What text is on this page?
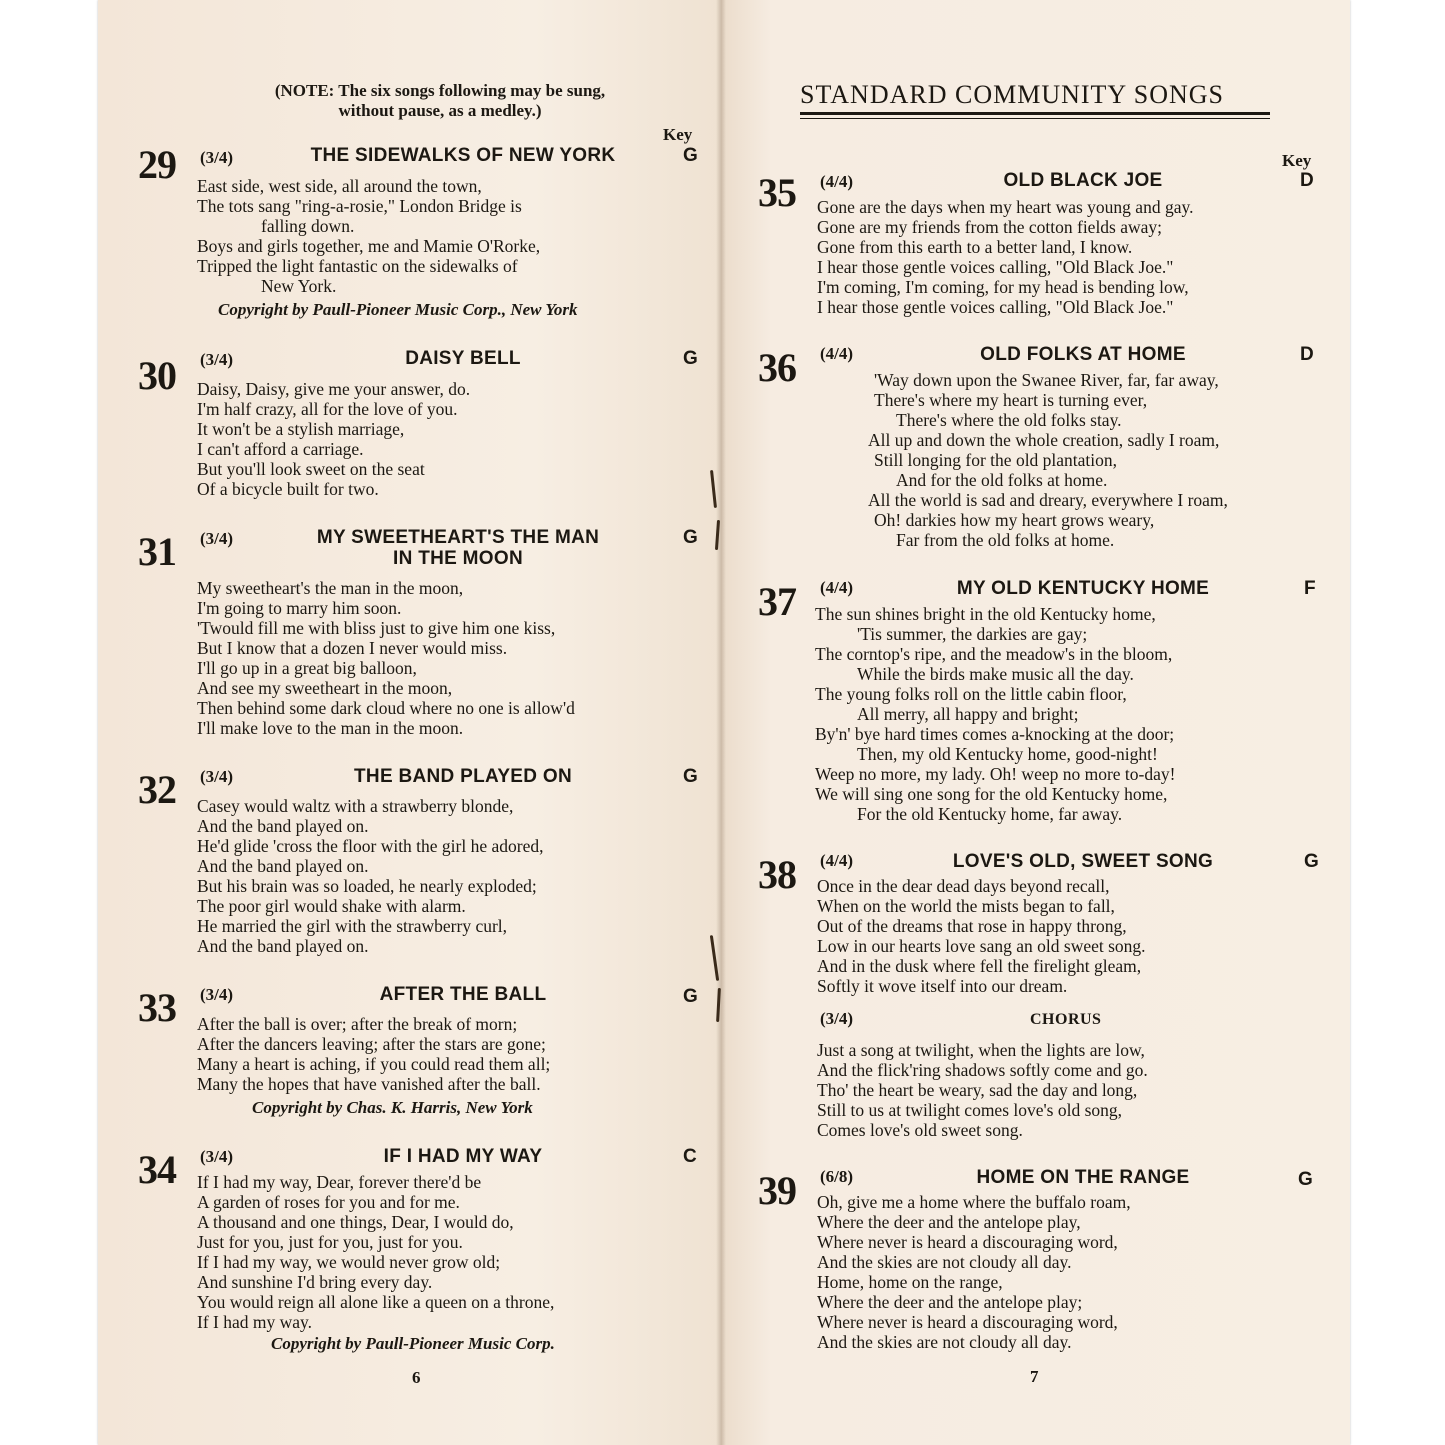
(NOTE: The six songs following may be sung,
without pause, as a medley.)
Key
29 (3/4)	THE SIDEWALKS OF NEW YORK	G
East side, west side, all around the town,
The tots sang "ring-a-rosie," London Bridge is
falling down.
Boys and girls together, me and Mamie O'Rorke,
Tripped the light fantastic on the sidewalks of
New York.
Copyright by Paull-Pioneer Music Corp., New York
30 (3/4)	DAISY BELL	G
Daisy, Daisy, give me your answer, do.
I'm half crazy, all for the love of you.
It won't be a stylish marriage,
I can't afford a carriage.
But you'll look sweet on the seat
Of a bicycle built for two.
31 (3/4)	MY SWEETHEART'S THE MAN
IN THE MOON
G
My sweetheart's the man in the moon,
I'm going to marry him soon.
'Twould fill me with bliss just to give him one kiss,
But I know that a dozen I never would miss.
I'll go up in a great big balloon,
And see my sweetheart in the moon,
Then behind some dark cloud where no one is allow'd
I'll make love to the man in the moon.
32 (3/4)	THE BAND PLAYED ON	G
Casey would waltz with a strawberry blonde,
And the band played on.
He'd glide 'cross the floor with the girl he adored,
And the band played on.
But his brain was so loaded, he nearly exploded;
The poor girl would shake with alarm.
He married the girl with the strawberry curl,
And the band played on.
33 (3/4)	AFTER THE BALL	G
After the ball is over; after the break of morn;
After the dancers leaving; after the stars are gone;
Many a heart is aching, if you could read them all;
Many the hopes that have vanished after the ball.
Copyright by Chas. K. Harris, New York
34 (3/4)	IF I HAD MY WAY	C
If I had my way, Dear, forever there'd be
A garden of roses for you and for me.
A thousand and one things, Dear, I would do,
Just for you, just for you, just for you.
If I had my way, we would never grow old;
And sunshine I'd bring every day.
You would reign all alone like a queen on a throne,
If I had my way.
Copyright by Paull-Pioneer Music Corp.
6
STANDARD COMMUNITY SONGS
Key
35 (4/4)	OLD BLACK JOE	D
Gone are the days when my heart was young and gay.
Gone are my friends from the cotton fields away;
Gone from this earth to a better land, I know.
I hear those gentle voices calling, "Old Black Joe."
I'm coming, I'm coming, for my head is bending low,
I hear those gentle voices calling, "Old Black Joe."
36 (4/4)	OLD FOLKS AT HOME	D
'Way down upon the Swanee River, far, far away,
There's where my heart is turning ever,
There's where the old folks stay.
All up and down the whole creation, sadly I roam,
Still longing for the old plantation,
And for the old folks at home.
All the world is sad and dreary, everywhere I roam,
Oh! darkies how my heart grows weary,
Far from the old folks at home.
37 (4/4)	MY OLD KENTUCKY HOME	F
The sun shines bright in the old Kentucky home,
'Tis summer, the darkies are gay;
The corntop's ripe, and the meadow's in the bloom,
While the birds make music all the day.
The young folks roll on the little cabin floor,
All merry, all happy and bright;
By'n' bye hard times comes a-knocking at the door;
Then, my old Kentucky home, good-night!
Weep no more, my lady. Oh! weep no more to-day!
We will sing one song for the old Kentucky home,
For the old Kentucky home, far away.
38 (4/4)	LOVE'S OLD, SWEET SONG	G
Once in the dear dead days beyond recall,
When on the world the mists began to fall,
Out of the dreams that rose in happy throng,
Low in our hearts love sang an old sweet song.
And in the dusk where fell the firelight gleam,
Softly it wove itself into our dream.
(3/4)	CHORUS
Just a song at twilight, when the lights are low,
And the flick'ring shadows softly come and go.
Tho' the heart be weary, sad the day and long,
Still to us at twilight comes love's old song,
Comes love's old sweet song.
39 (6/8)	HOME ON THE RANGE	G
Oh, give me a home where the buffalo roam,
Where the deer and the antelope play,
Where never is heard a discouraging word,
And the skies are not cloudy all day.
Home, home on the range,
Where the deer and the antelope play;
Where never is heard a discouraging word,
And the skies are not cloudy all day.
7
